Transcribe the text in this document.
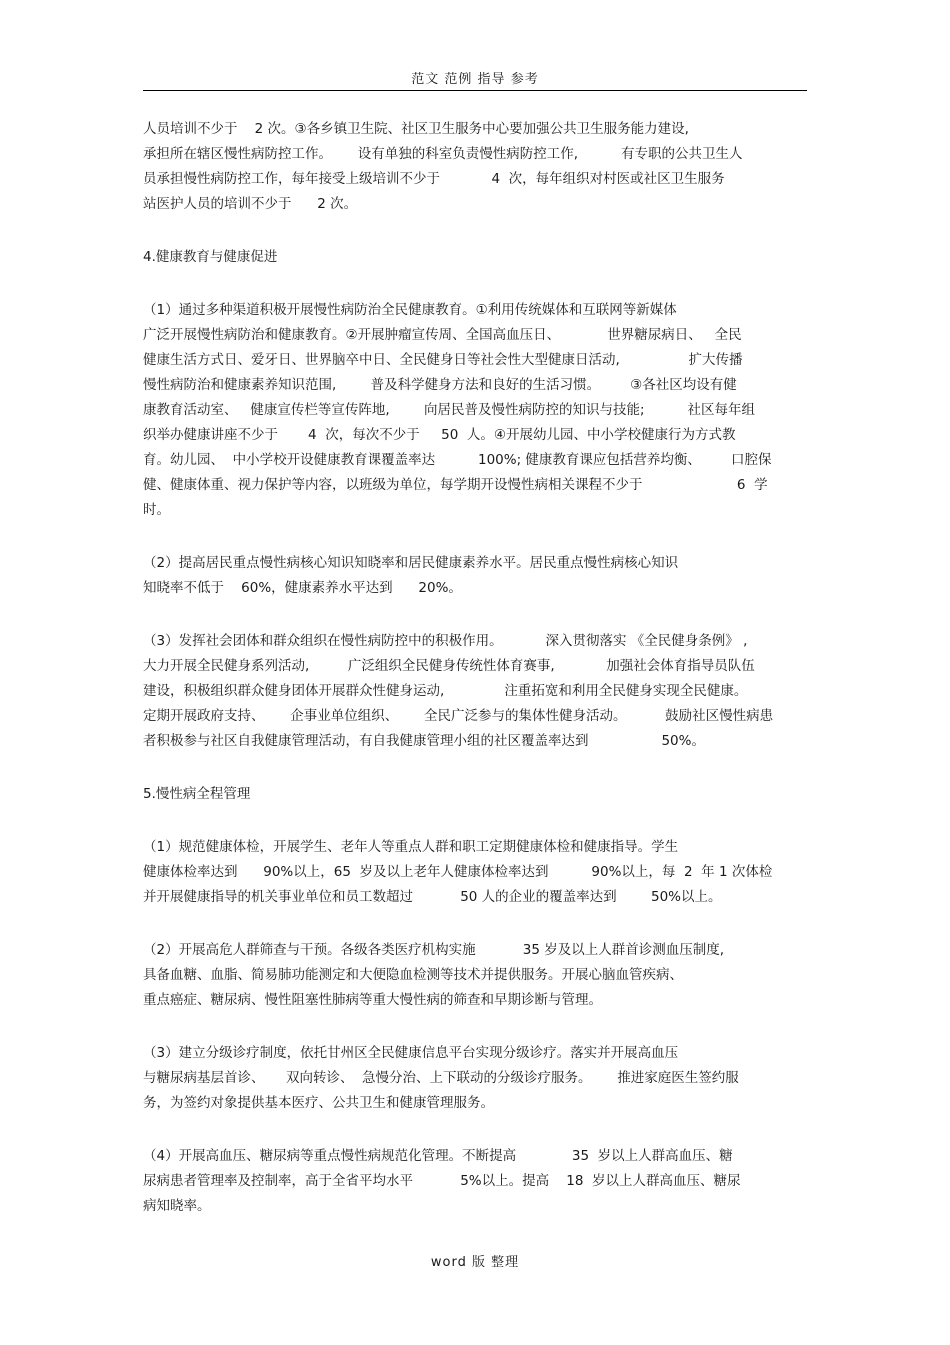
范文 范例 指导 参考
人员培训不少于    2 次。③各乡镇卫生院、社区卫生服务中心要加强公共卫生服务能力建设,
承担所在辖区慢性病防控工作。      设有单独的科室负责慢性病防控工作,          有专职的公共卫生人
员承担慢性病防控工作，每年接受上级培训不少于            4  次，每年组织对村医或社区卫生服务
站医护人员的培训不少于      2 次。
4.健康教育与健康促进
（1）通过多种渠道积极开展慢性病防治全民健康教育。①利用传统媒体和互联网等新媒体
广泛开展慢性病防治和健康教育。②开展肿瘤宣传周、全国高血压日、           世界糖尿病日、   全民
健康生活方式日、爱牙日、世界脑卒中日、全民健身日等社会性大型健康日活动,                扩大传播
慢性病防治和健康素养知识范围,        普及科学健身方法和良好的生活习惯。       ③各社区均设有健
康教育活动室、   健康宣传栏等宣传阵地,        向居民普及慢性病防控的知识与技能;          社区每年组
织举办健康讲座不少于       4  次，每次不少于     50  人。④开展幼儿园、中小学校健康行为方式教
育。幼儿园、  中小学校开设健康教育课覆盖率达          100%; 健康教育课应包括营养均衡、       口腔保
健、健康体重、视力保护等内容，以班级为单位，每学期开设慢性病相关课程不少于                      6  学
时。
（2）提高居民重点慢性病核心知识知晓率和居民健康素养水平。居民重点慢性病核心知识
知晓率不低于    60%，健康素养水平达到      20%。
（3）发挥社会团体和群众组织在慢性病防控中的积极作用。          深入贯彻落实 《全民健身条例》 ,
大力开展全民健身系列活动,         广泛组织全民健身传统性体育赛事,            加强社会体育指导员队伍
建设，积极组织群众健身团体开展群众性健身运动,              注重拓宽和利用全民健身实现全民健康。
定期开展政府支持、      企事业单位组织、      全民广泛参与的集体性健身活动。         鼓励社区慢性病患
者积极参与社区自我健康管理活动，有自我健康管理小组的社区覆盖率达到                 50%。
5.慢性病全程管理
（1）规范健康体检，开展学生、老年人等重点人群和职工定期健康体检和健康指导。学生
健康体检率达到      90%以上，65  岁及以上老年人健康体检率达到          90%以上，每  2  年 1 次体检
并开展健康指导的机关事业单位和员工数超过           50 人的企业的覆盖率达到        50%以上。
（2）开展高危人群筛查与干预。各级各类医疗机构实施           35 岁及以上人群首诊测血压制度,
具备血糖、血脂、简易肺功能测定和大便隐血检测等技术并提供服务。开展心脑血管疾病、
重点癌症、糖尿病、慢性阻塞性肺病等重大慢性病的筛查和早期诊断与管理。
（3）建立分级诊疗制度，依托甘州区全民健康信息平台实现分级诊疗。落实并开展高血压
与糖尿病基层首诊、     双向转诊、  急慢分治、上下联动的分级诊疗服务。      推进家庭医生签约服
务，为签约对象提供基本医疗、公共卫生和健康管理服务。
（4）开展高血压、糖尿病等重点慢性病规范化管理。不断提高             35  岁以上人群高血压、糖
尿病患者管理率及控制率，高于全省平均水平           5%以上。提高    18  岁以上人群高血压、糖尿
病知晓率。
word 版 整理
